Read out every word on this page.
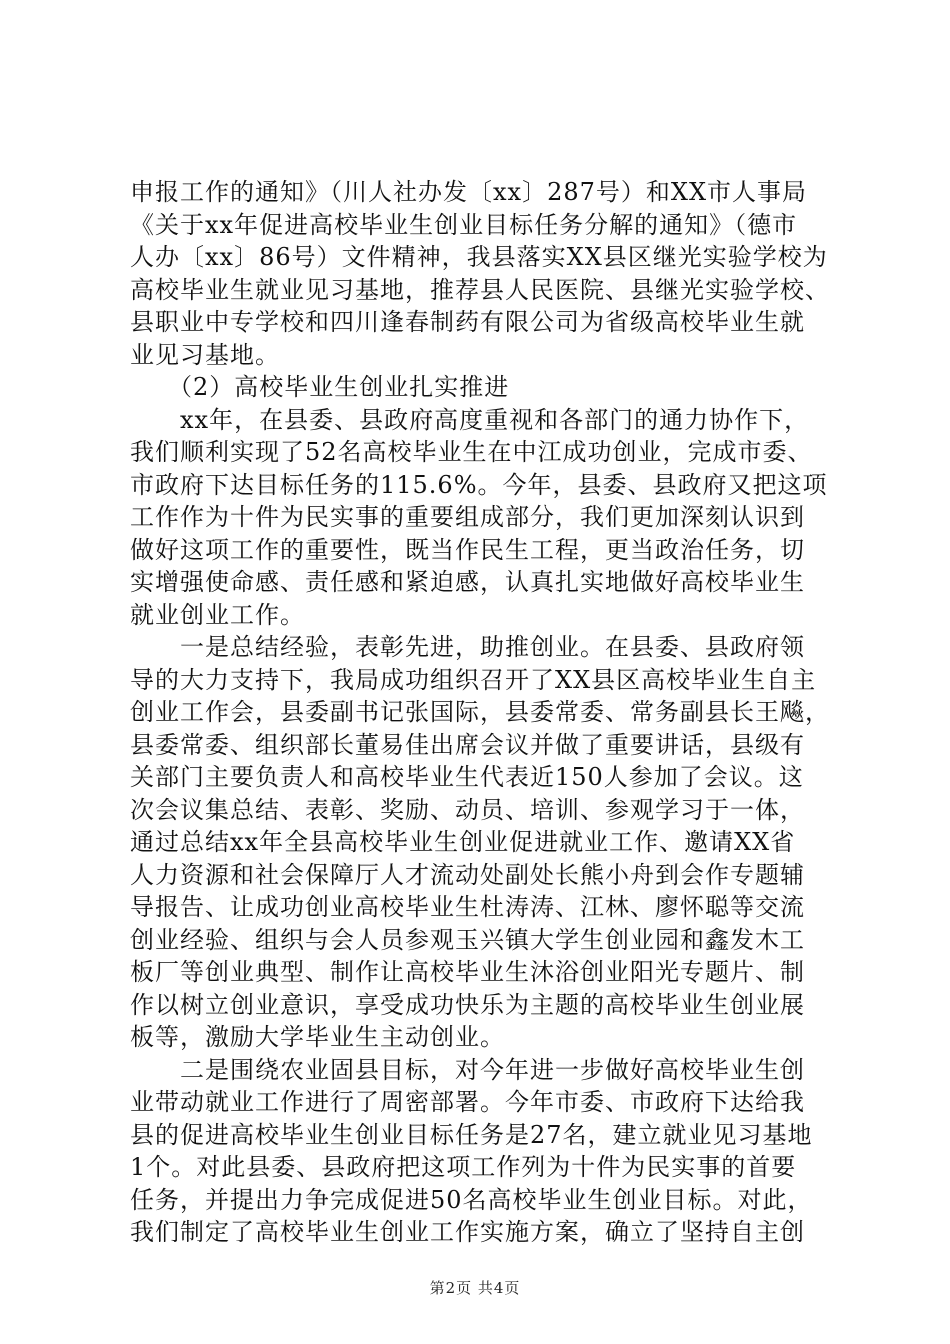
申报工作的通知》（川人社办发〔xx〕287号）和XX市人事局
《关于xx年促进高校毕业生创业目标任务分解的通知》（德市
人办〔xx〕86号）文件精神，我县落实XX县区继光实验学校为
高校毕业生就业见习基地，推荐县人民医院、县继光实验学校、
县职业中专学校和四川逢春制药有限公司为省级高校毕业生就
业见习基地。
　　（2）高校毕业生创业扎实推进
　　xx年，在县委、县政府高度重视和各部门的通力协作下，
我们顺利实现了52名高校毕业生在中江成功创业，完成市委、
市政府下达目标任务的115.6%。今年，县委、县政府又把这项
工作作为十件为民实事的重要组成部分，我们更加深刻认识到
做好这项工作的重要性，既当作民生工程，更当政治任务，切
实增强使命感、责任感和紧迫感，认真扎实地做好高校毕业生
就业创业工作。
　　一是总结经验，表彰先进，助推创业。在县委、县政府领
导的大力支持下，我局成功组织召开了XX县区高校毕业生自主
创业工作会，县委副书记张国际，县委常委、常务副县长王飚，
县委常委、组织部长董易佳出席会议并做了重要讲话，县级有
关部门主要负责人和高校毕业生代表近150人参加了会议。这
次会议集总结、表彰、奖励、动员、培训、参观学习于一体，
通过总结xx年全县高校毕业生创业促进就业工作、邀请XX省
人力资源和社会保障厅人才流动处副处长熊小舟到会作专题辅
导报告、让成功创业高校毕业生杜涛涛、江林、廖怀聪等交流
创业经验、组织与会人员参观玉兴镇大学生创业园和鑫发木工
板厂等创业典型、制作让高校毕业生沐浴创业阳光专题片、制
作以树立创业意识，享受成功快乐为主题的高校毕业生创业展
板等，激励大学毕业生主动创业。
　　二是围绕农业固县目标，对今年进一步做好高校毕业生创
业带动就业工作进行了周密部署。今年市委、市政府下达给我
县的促进高校毕业生创业目标任务是27名，建立就业见习基地
1个。对此县委、县政府把这项工作列为十件为民实事的首要
任务，并提出力争完成促进50名高校毕业生创业目标。对此，
我们制定了高校毕业生创业工作实施方案，确立了坚持自主创
第2页 共4页
